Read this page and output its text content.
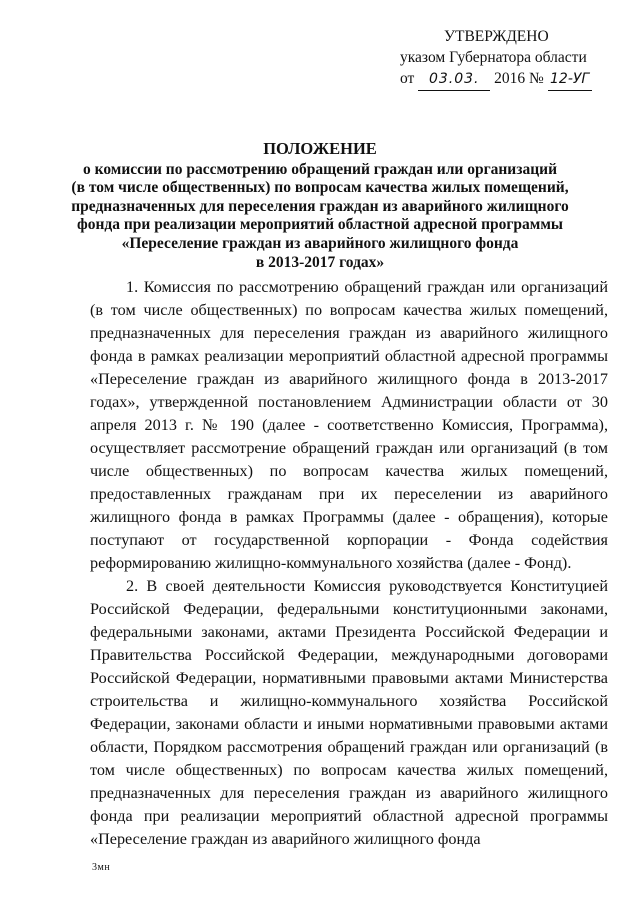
УТВЕРЖДЕНО
указом Губернатора области
от 03.03. 2016 № 12-УГ
ПОЛОЖЕНИЕ
о комиссии по рассмотрению обращений граждан или организаций
(в том числе общественных) по вопросам качества жилых помещений,
предназначенных для переселения граждан из аварийного жилищного
фонда при реализации мероприятий областной адресной программы
«Переселение граждан из аварийного жилищного фонда
в 2013-2017 годах»

1. Комиссия по рассмотрению обращений граждан или организаций (в том числе общественных) по вопросам качества жилых помещений, предназначенных для переселения граждан из аварийного жилищного фонда в рамках реализации мероприятий областной адресной программы «Переселение граждан из аварийного жилищного фонда в 2013-2017 годах», утвержденной постановлением Администрации области от 30 апреля 2013 г. № 190 (далее - соответственно Комиссия, Программа), осуществляет рассмотрение обращений граждан или организаций (в том числе общественных) по вопросам качества жилых помещений, предоставленных гражданам при их переселении из аварийного жилищного фонда в рамках Программы (далее - обращения), которые поступают от государственной корпорации - Фонда содействия реформированию жилищно-коммунального хозяйства (далее - Фонд).

2. В своей деятельности Комиссия руководствуется Конституцией Российской Федерации, федеральными конституционными законами, федеральными законами, актами Президента Российской Федерации и Правительства Российской Федерации, международными договорами Российской Федерации, нормативными правовыми актами Министерства строительства и жилищно-коммунального хозяйства Российской Федерации, законами области и иными нормативными правовыми актами области, Порядком рассмотрения обращений граждан или организаций (в том числе общественных) по вопросам качества жилых помещений, предназначенных для переселения граждан из аварийного жилищного фонда при реализации мероприятий областной адресной программы «Переселение граждан из аварийного жилищного фонда

3мн
